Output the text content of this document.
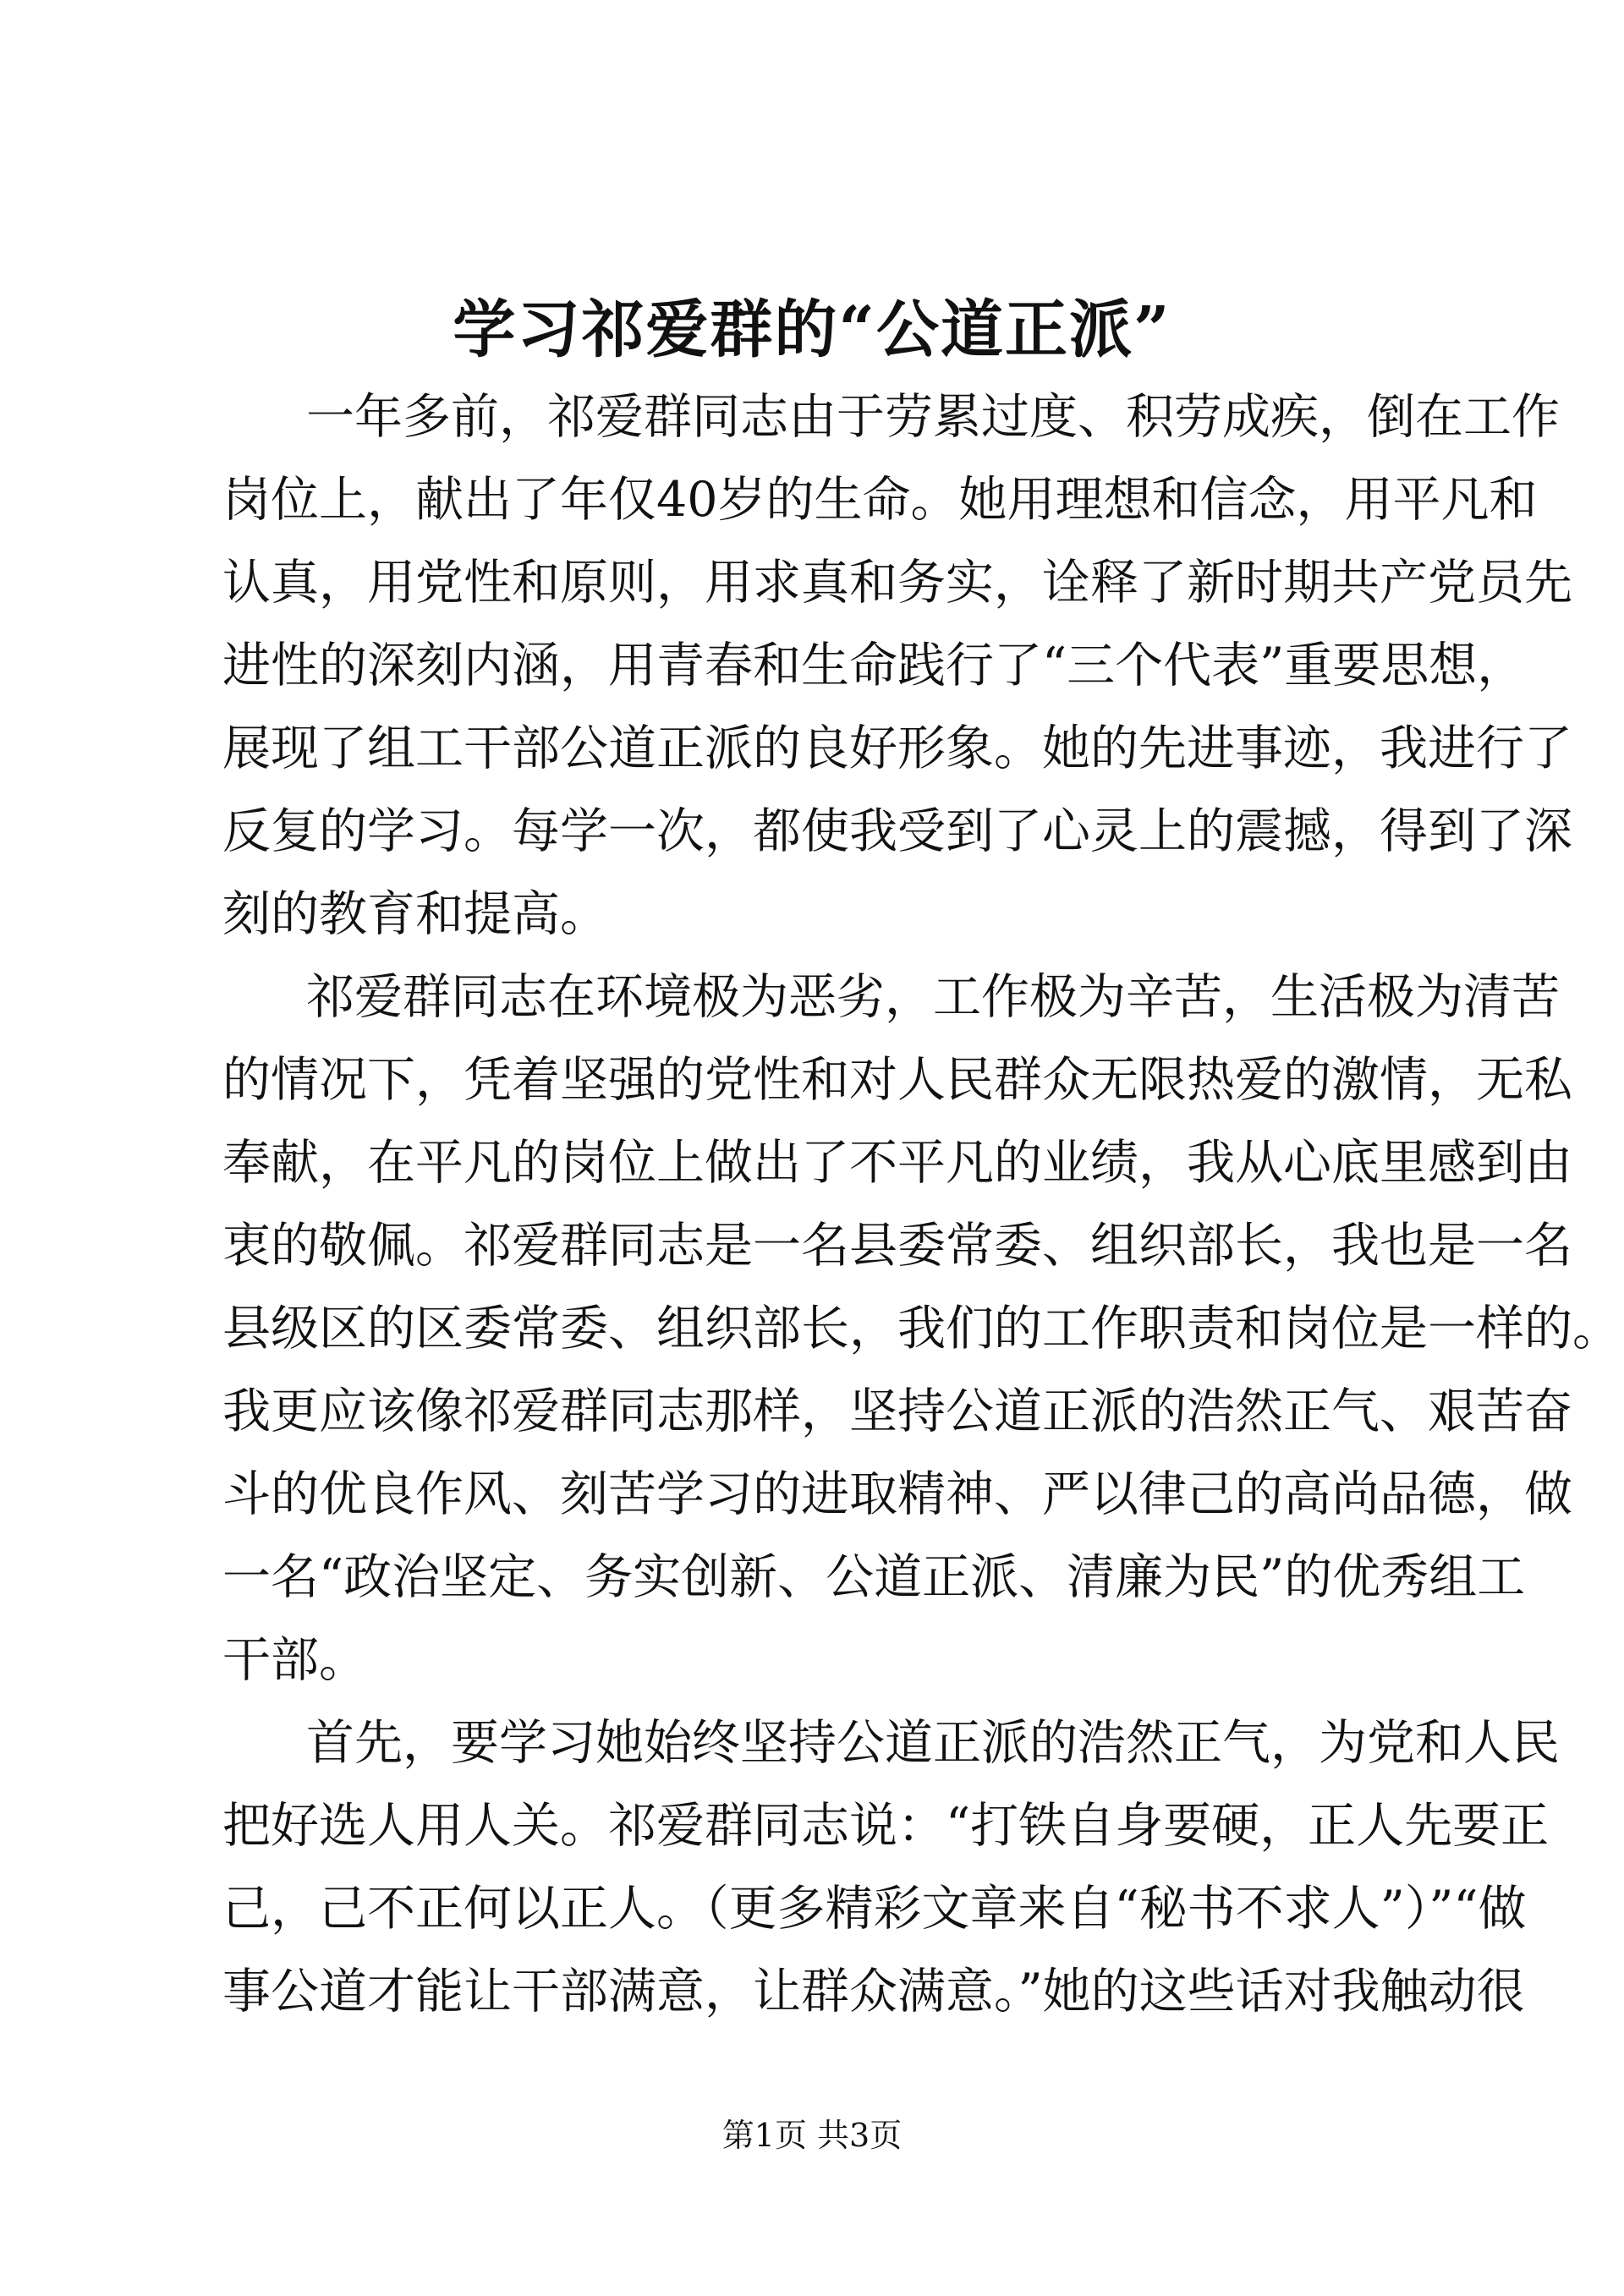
学习祁爱群的“公道正派”
一年多前，祁爱群同志由于劳累过度、积劳成疾，倒在工作
岗位上，献出了年仅40岁的生命。她用理想和信念，用平凡和
认真，用党性和原则，用求真和务实，诠释了新时期共产党员先
进性的深刻内涵，用青春和生命践行了“三个代表”重要思想，
展现了组工干部公道正派的良好形象。她的先进事迹，我进行了
反复的学习。每学一次，都使我受到了心灵上的震撼，得到了深
刻的教育和提高。
祁爱群同志在环境极为恶劣，工作极为辛苦，生活极为清苦
的情况下，凭着坚强的党性和对人民群众无限热爱的激情，无私
奉献，在平凡的岗位上做出了不平凡的业绩，我从心底里感到由
衷的敬佩。祁爱群同志是一名县委常委、组织部长，我也是一名
县级区的区委常委、组织部长，我们的工作职责和岗位是一样的。
我更应该像祁爱群同志那样，坚持公道正派的浩然正气、艰苦奋
斗的优良作风、刻苦学习的进取精神、严以律己的高尚品德，做
一名“政治坚定、务实创新、公道正派、清廉为民”的优秀组工
干部。
首先，要学习她始终坚持公道正派的浩然正气，为党和人民
把好选人用人关。祁爱群同志说：“打铁自身要硬，正人先要正
己，己不正何以正人。（更多精彩文章来自“秘书不求人”）”“做
事公道才能让干部满意，让群众满意。”她的这些话对我触动很
第1页 共3页
